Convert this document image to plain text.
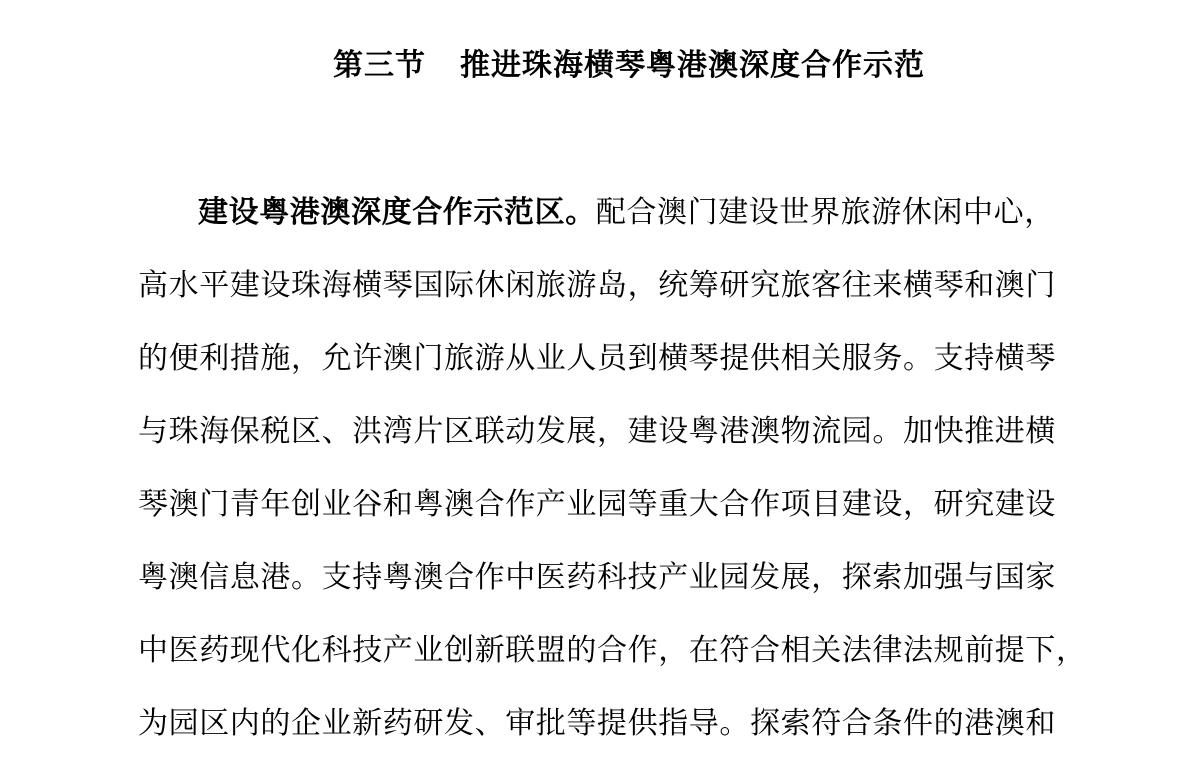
第三节 推进珠海横琴粤港澳深度合作示范
建设粤港澳深度合作示范区。配合澳门建设世界旅游休闲中心，
高水平建设珠海横琴国际休闲旅游岛，统筹研究旅客往来横琴和澳门
的便利措施，允许澳门旅游从业人员到横琴提供相关服务。支持横琴
与珠海保税区、洪湾片区联动发展，建设粤港澳物流园。加快推进横
琴澳门青年创业谷和粤澳合作产业园等重大合作项目建设，研究建设
粤澳信息港。支持粤澳合作中医药科技产业园发展，探索加强与国家
中医药现代化科技产业创新联盟的合作，在符合相关法律法规前提下，
为园区内的企业新药研发、审批等提供指导。探索符合条件的港澳和
